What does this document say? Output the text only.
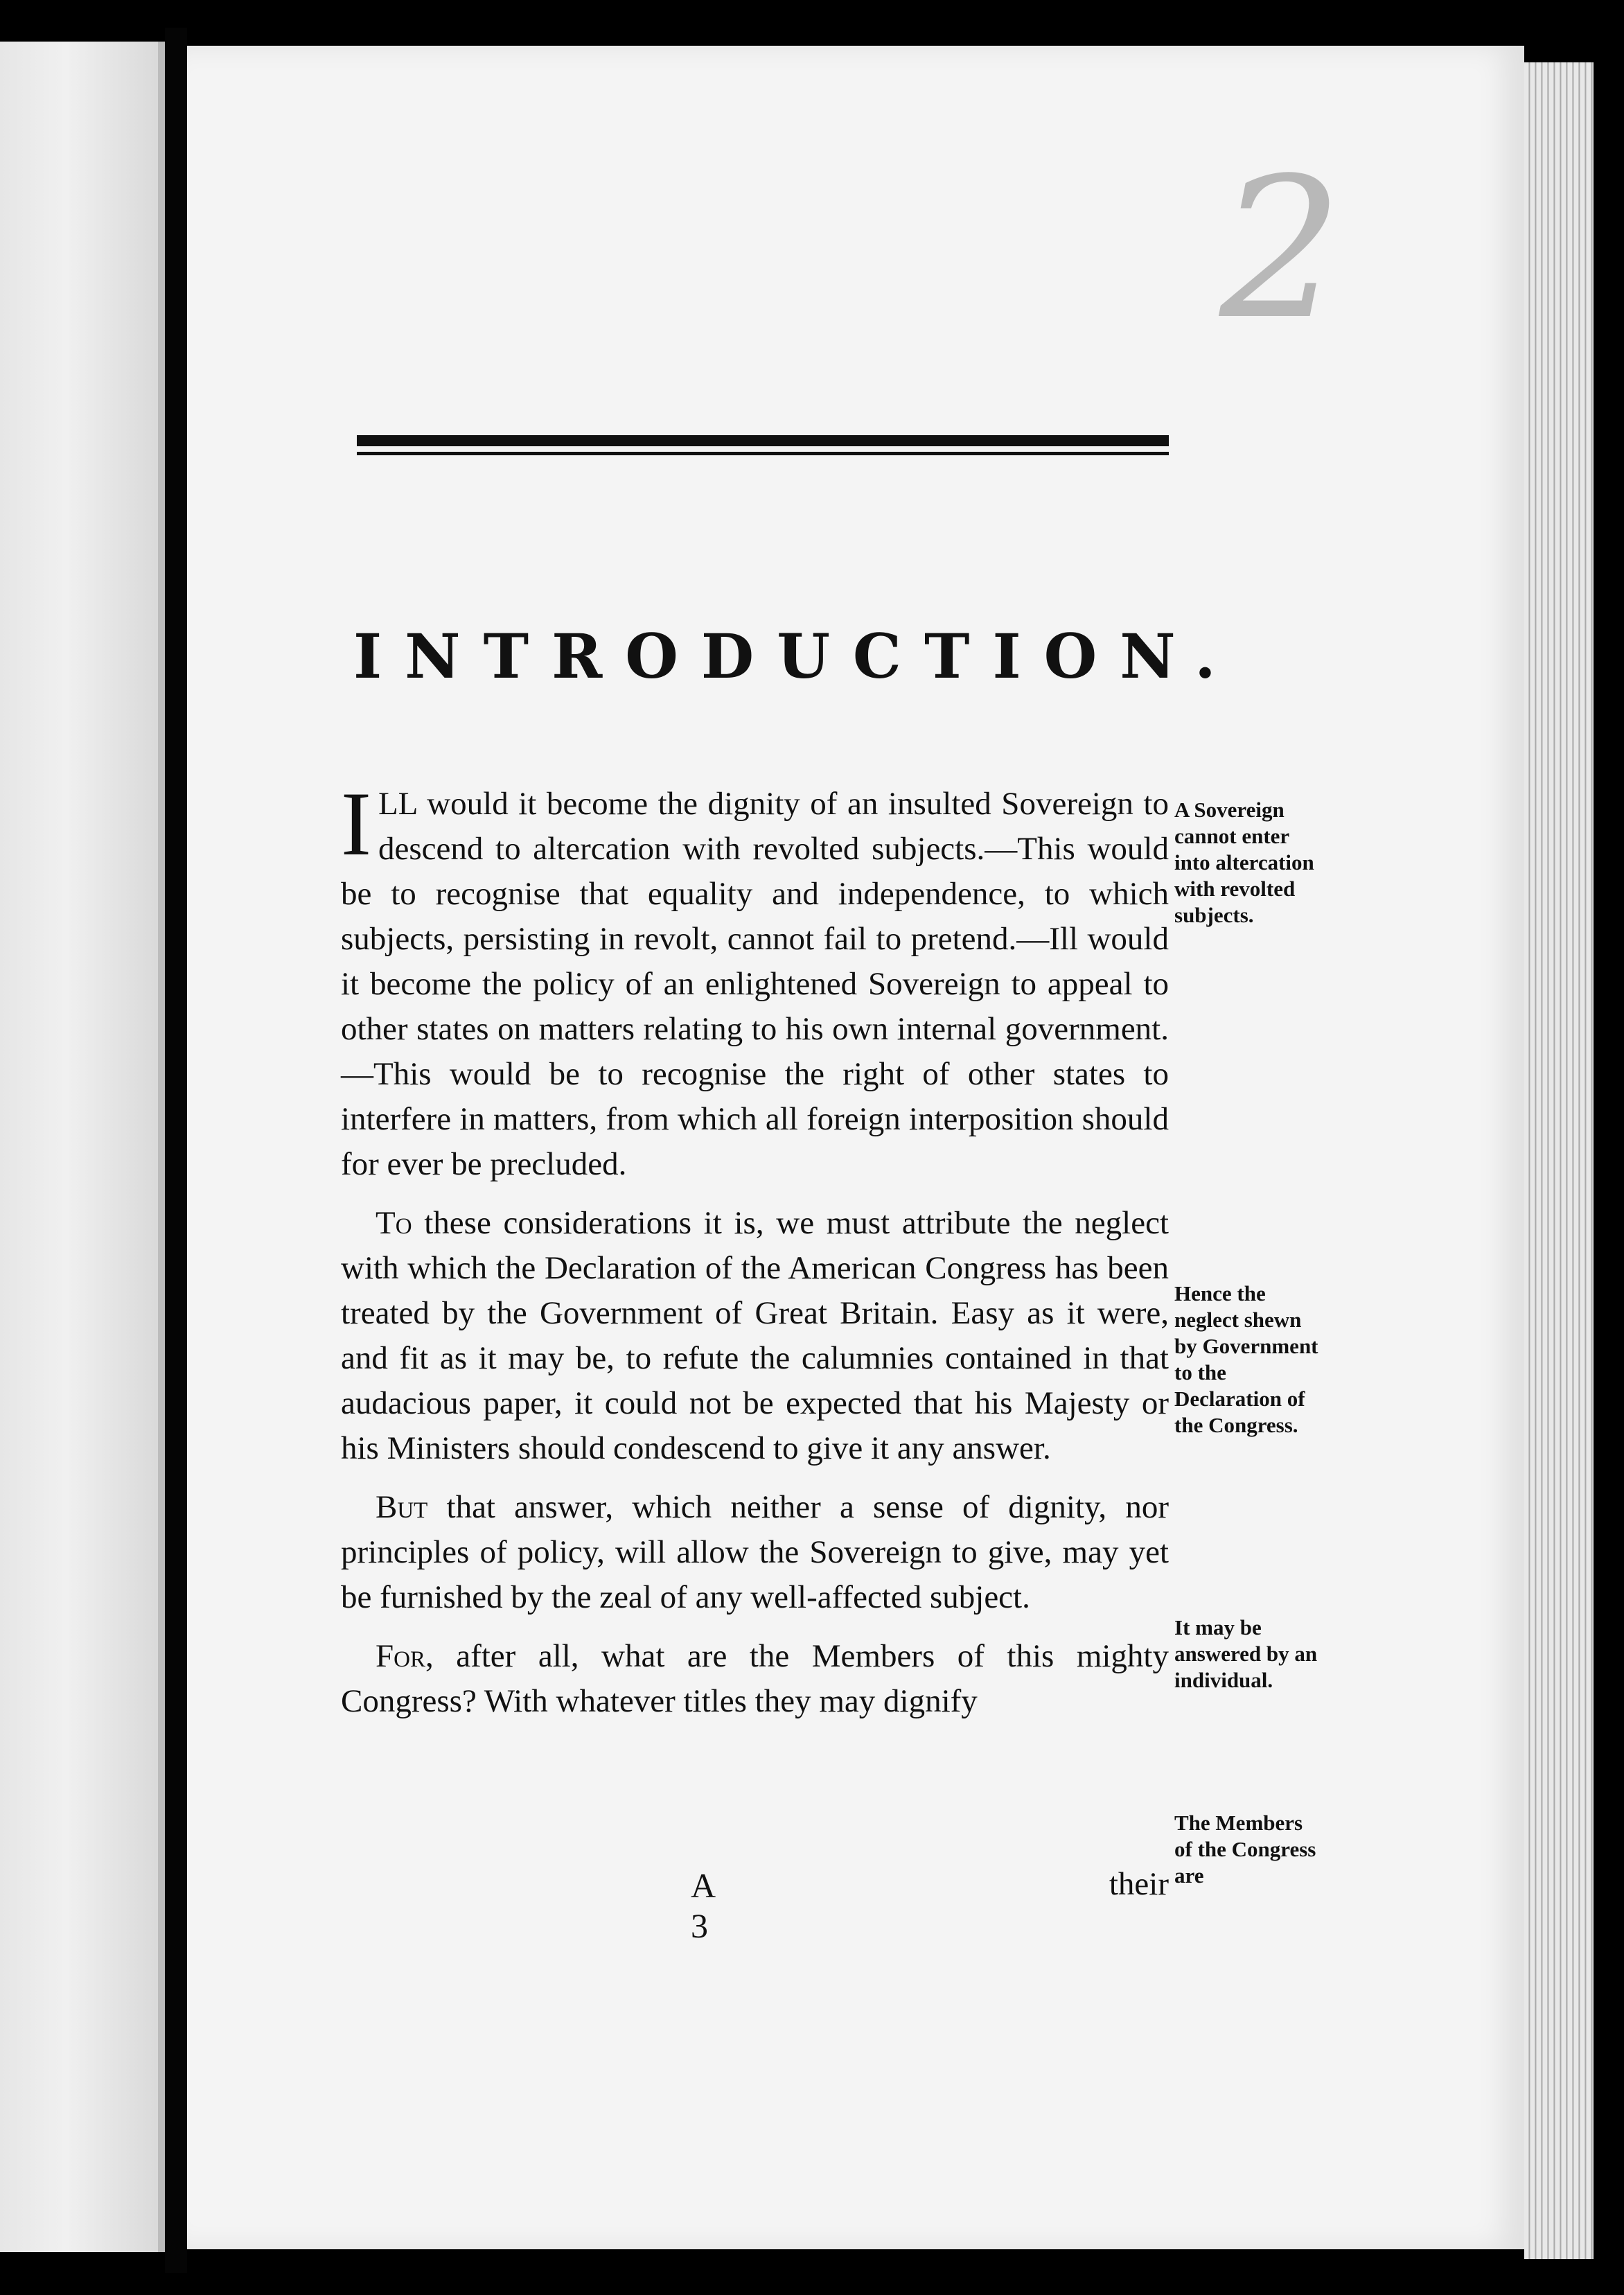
2
INTRODUCTION.

ILL would it become the dignity of an insulted Sovereign to descend to altercation with revolted subjects.—This would be to recognise that equality and independence, to which subjects, persisting in revolt, cannot fail to pretend.—Ill would it become the policy of an enlightened Sovereign to appeal to other states on matters relating to his own internal government. —This would be to recognise the right of other states to interfere in matters, from which all foreign interposition should for ever be precluded.

To these considerations it is, we must attribute the neglect with which the Declaration of the American Congress has been treated by the Government of Great Britain. Easy as it were, and fit as it may be, to refute the calumnies contained in that audacious paper, it could not be expected that his Majesty or his Ministers should condescend to give it any answer.

But that answer, which neither a sense of dignity, nor principles of policy, will allow the Sovereign to give, may yet be furnished by the zeal of any well-affected subject.

For, after all, what are the Members of this mighty Congress? With whatever titles they may dignify

A Sovereign cannot enter into altercation with revolted subjects.
Hence the neglect shewn by Government to the Declaration of the Congress.
It may be answered by an individual.
The Members of the Congress are
A 3
their
